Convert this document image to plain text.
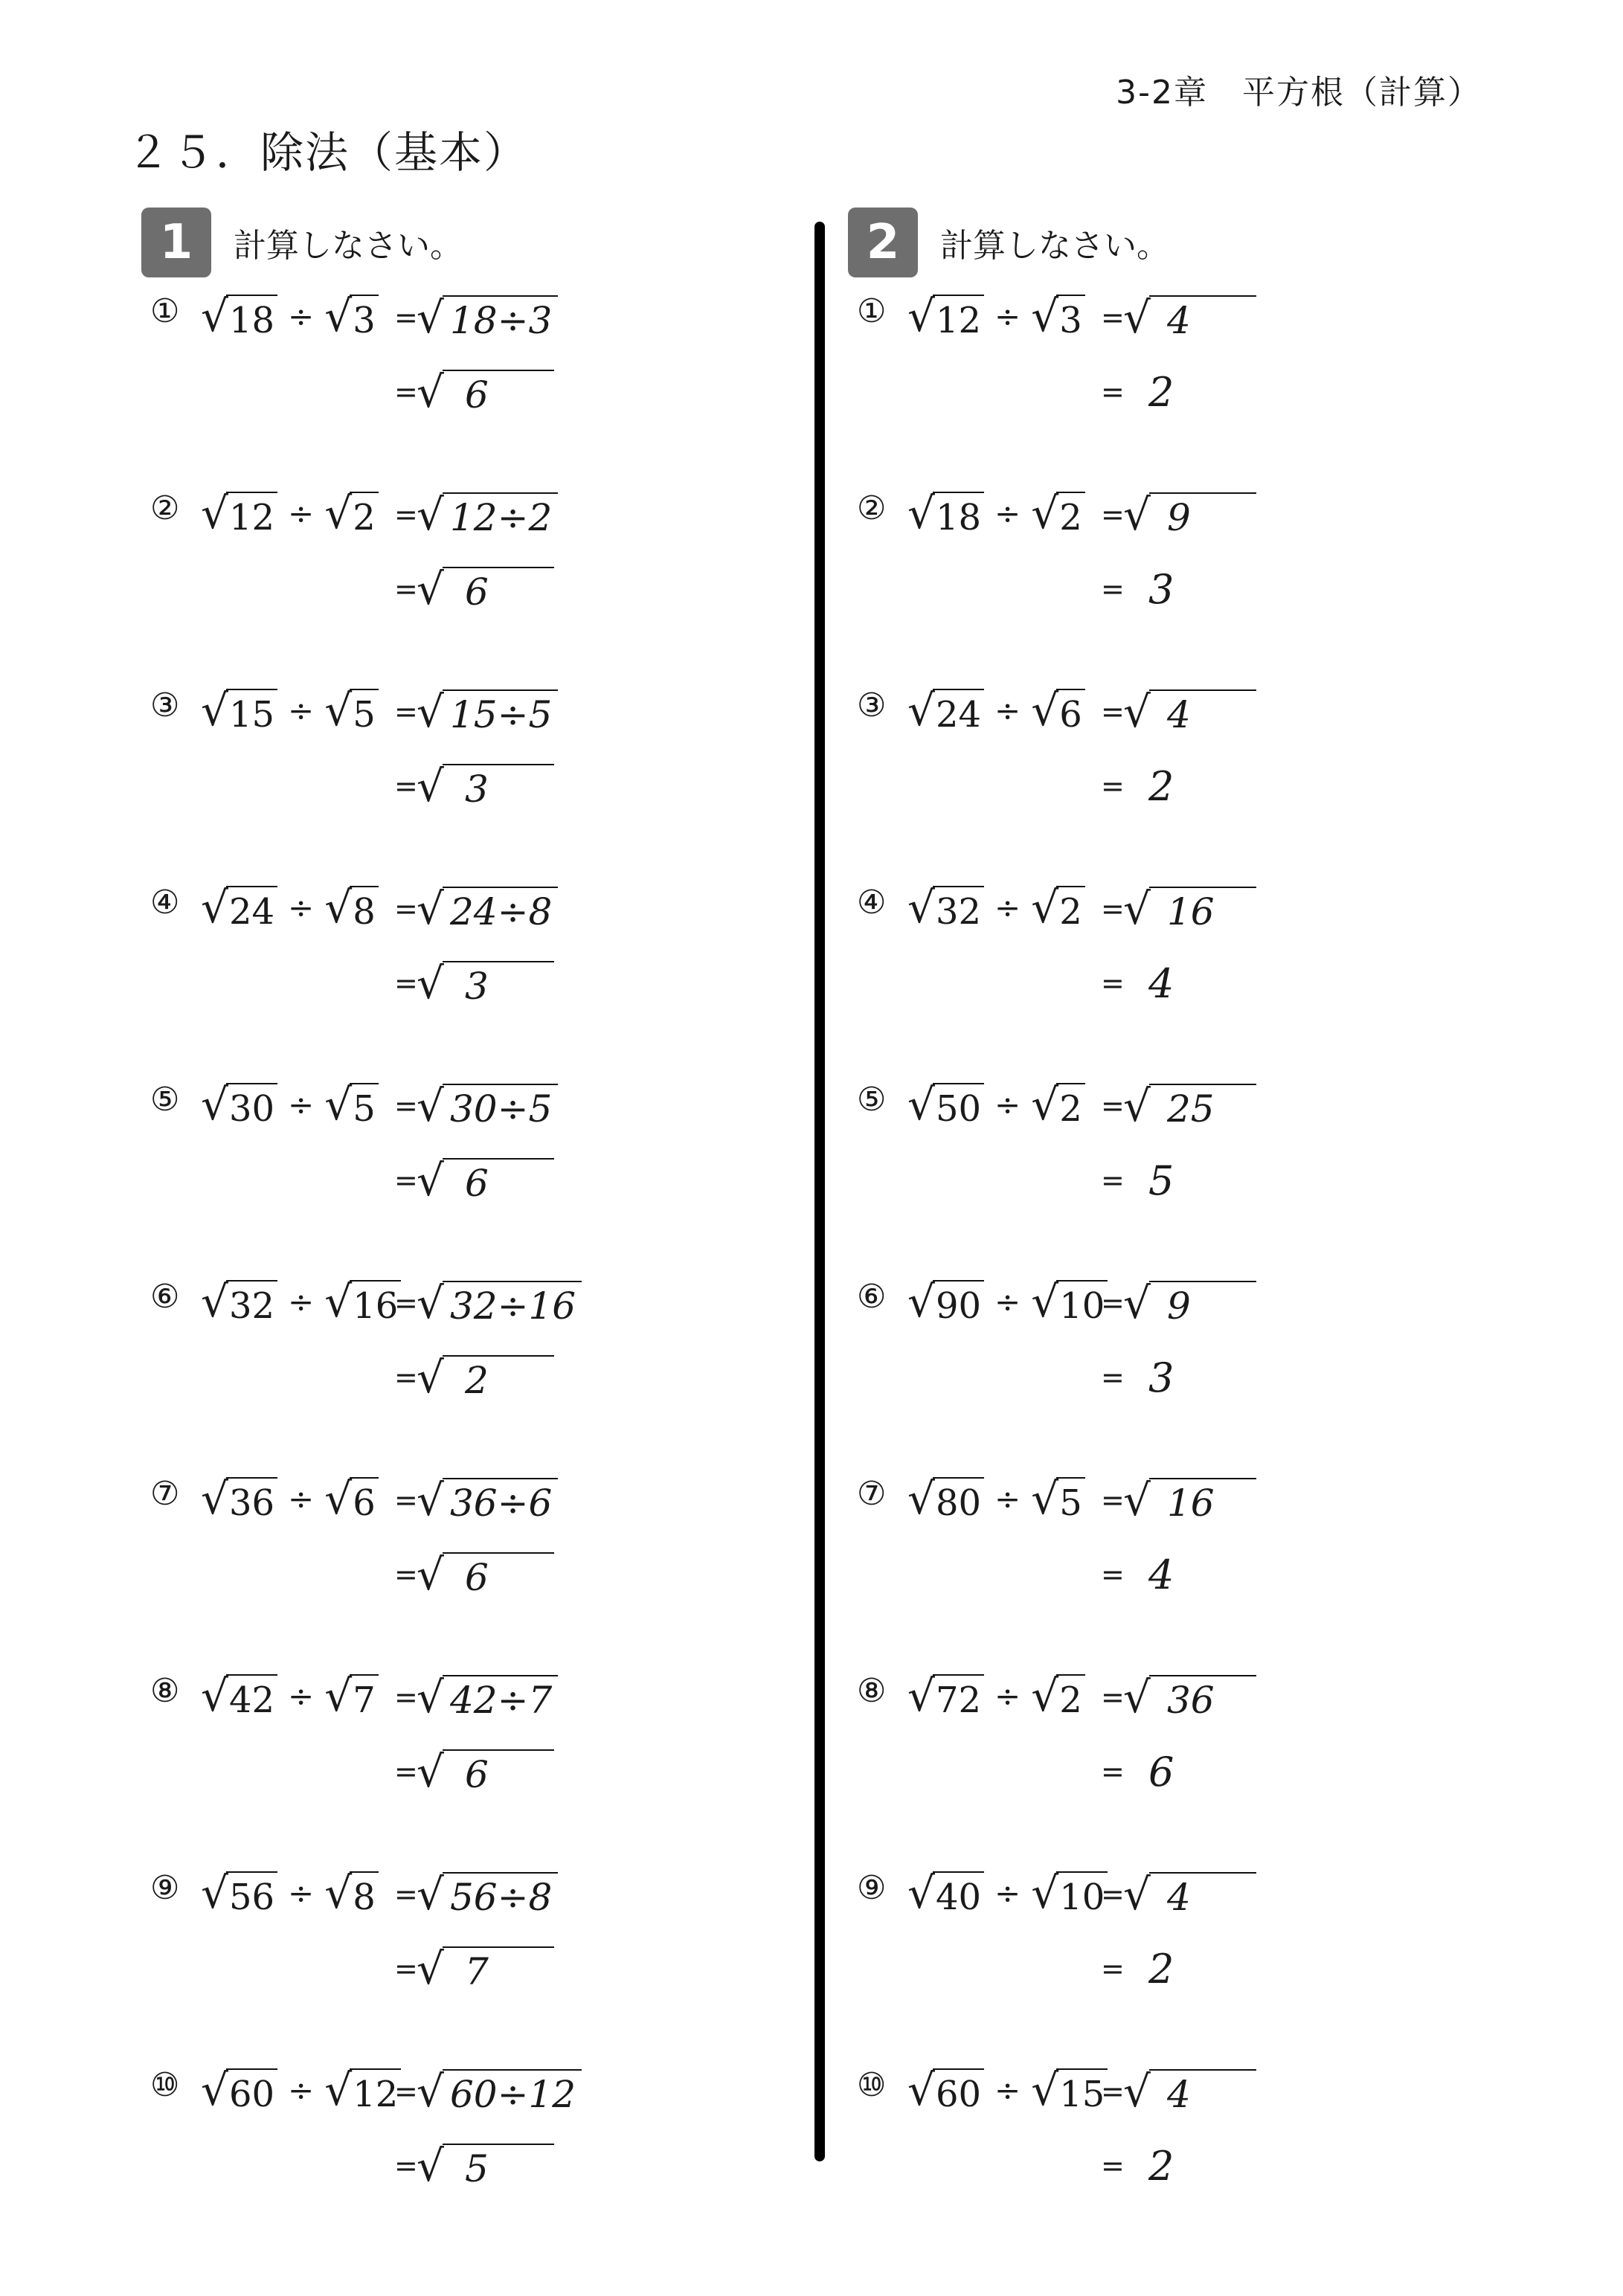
3-2章　平方根（計算）
２５．除法（基本）
1	計算しなさい。
① √ 18 ÷ √ 3 =
√ 18÷3
=
√ 6
② √ 12 ÷ √ 2 =
√ 12÷2
=
√ 6
③ √ 15 ÷ √ 5 =
√ 15÷5
=
√ 3
④ √ 24 ÷ √ 8 =
√ 24÷8
=
√ 3
⑤ √ 30 ÷ √ 5 =
√ 30÷5
=
√ 6
⑥ √ 32 ÷ √ 16
=
√ 32÷16
=
√ 2
⑦ √ 36 ÷ √ 6 =
√ 36÷6
=
√ 6
⑧ √ 42 ÷ √ 7 =
√ 42÷7
=
√ 6
⑨ √ 56 ÷ √ 8 =
√ 56÷8
=
√ 7
⑩ √ 60 ÷ √ 12
=
√ 60÷12
=
√ 5
2	計算しなさい。
① √ 12 ÷ √ 3 =
√ 4
= 2
② √ 18 ÷ √ 2 =
√ 9
= 3
③ √ 24 ÷ √ 6 =
√ 4
= 2
④ √ 32 ÷ √ 2 =
√ 16
= 4
⑤ √ 50 ÷ √ 2 =
√ 25
= 5
⑥ √ 90 ÷ √ 10
=
√ 9
= 3
⑦ √ 80 ÷ √ 5 =
√ 16
= 4
⑧ √ 72 ÷ √ 2 =
√ 36
= 6
⑨ √ 40 ÷ √ 10
=
√ 4
= 2
⑩ √ 60 ÷ √ 15
=
√ 4
= 2
